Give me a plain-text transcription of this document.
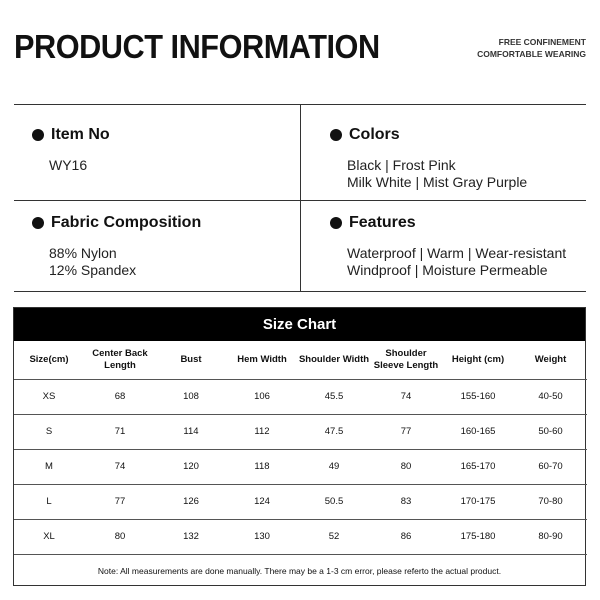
PRODUCT INFORMATION	FREE CONFINEMENT
COMFORTABLE WEARING
Item No
WY16
Colors
Black | Frost Pink
Milk White | Mist Gray Purple
Fabric Composition
88% Nylon
12% Spandex
Features
Waterproof | Warm | Wear-resistant
Windproof | Moisture Permeable
Size Chart
Size(cm)	Center Back Length	Bust	Hem Width	Shoulder Width	Shoulder Sleeve Length	Height (cm)	Weight
XS	68	108	106	45.5	74	155-160	40-50
S	71	114	112	47.5	77	160-165	50-60
M	74	120	118	49	80	165-170	60-70
L	77	126	124	50.5	83	170-175	70-80
XL	80	132	130	52	86	175-180	80-90
Note: All measurements are done manually. There may be a 1-3 cm error, please referto the actual product.
